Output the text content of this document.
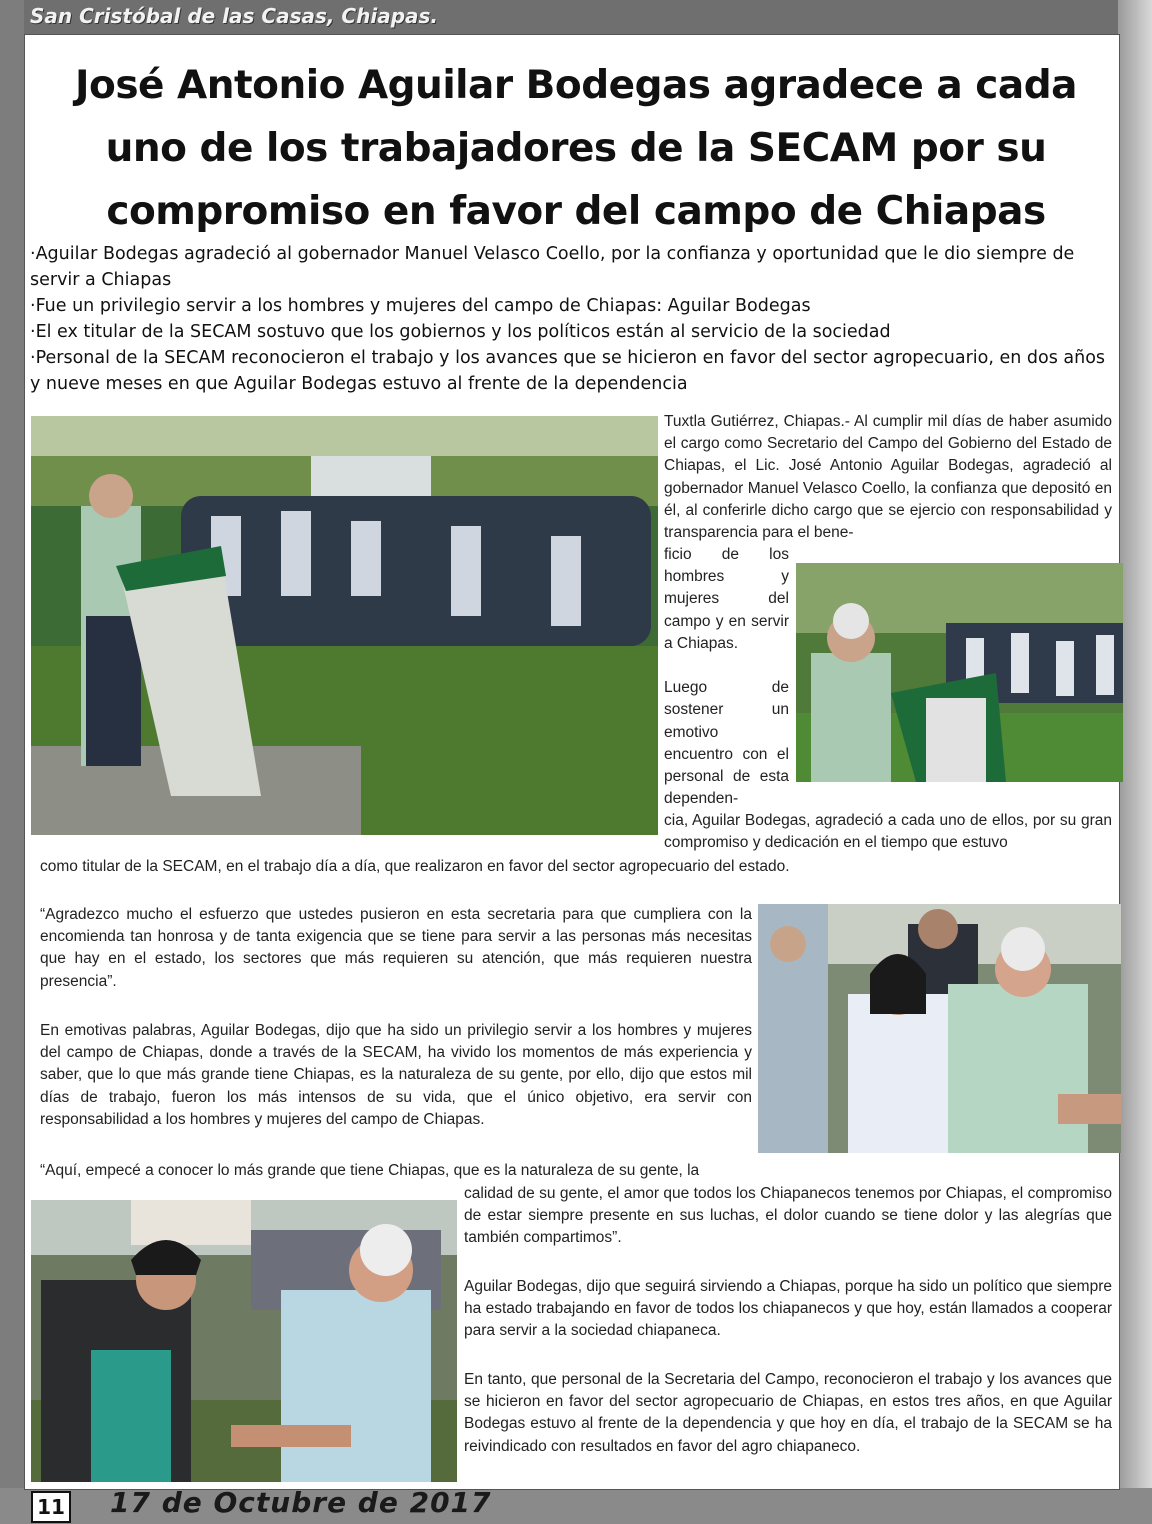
San Cristóbal de las Casas, Chiapas.
José Antonio Aguilar Bodegas agradece a cada uno de los trabajadores de la SECAM por su compromiso en favor del campo de Chiapas
·Aguilar Bodegas agradeció al gobernador Manuel Velasco Coello, por la confianza y oportunidad que le dio siempre de servir a Chiapas
·Fue un privilegio servir a los hombres y mujeres del campo de Chiapas: Aguilar Bodegas
·El ex titular de la SECAM sostuvo que los gobiernos y los políticos están al servicio de la sociedad
·Personal de la SECAM reconocieron el trabajo y los avances que se hicieron en favor del sector agropecuario, en dos años y nueve meses en que Aguilar Bodegas estuvo al frente de la dependencia
Tuxtla Gutiérrez, Chiapas.- Al cumplir mil días de haber asumido el cargo como Secretario del Campo del Gobierno del Estado de Chiapas, el Lic. José Antonio Aguilar Bodegas, agradeció al gobernador Manuel Velasco Coello, la confianza que depositó en él, al conferirle dicho cargo que se ejercio con responsabilidad y transparencia para el bene-
ficio de los hombres y mujeres del campo y en servir a Chiapas.

Luego de sostener un emotivo encuentro con el personal de esta dependen-
cia, Aguilar Bodegas, agradeció a cada uno de ellos, por su gran compromiso y dedicación en el tiempo que estuvo
como titular de la SECAM, en el trabajo día a día, que realizaron en favor del sector agropecuario del estado.
“Agradezco mucho el esfuerzo que ustedes pusieron en esta secretaria para que cumpliera con la encomienda tan honrosa y de tanta exigencia que se tiene para servir a las personas más necesitas que hay en el estado, los sectores que más requieren su atención, que más requieren nuestra presencia”.
En emotivas palabras, Aguilar Bodegas, dijo que ha sido un privilegio servir a los hombres y mujeres del campo de Chiapas, donde a través de la SECAM, ha vivido los momentos de más experiencia y saber, que lo que más grande tiene Chiapas, es la naturaleza de su gente, por ello, dijo que estos mil días de trabajo, fueron los más intensos de su vida, que el único objetivo, era servir con responsabilidad a los hombres y mujeres del campo de Chiapas.
“Aquí, empecé a conocer lo más grande que tiene Chiapas, que es la naturaleza de su gente, la
calidad de su gente, el amor que todos los Chiapanecos tenemos por Chiapas, el compromiso de estar siempre presente en sus luchas, el dolor cuando se tiene dolor y las alegrías que también compartimos”.
Aguilar Bodegas, dijo que seguirá sirviendo a Chiapas, porque ha sido un político que siempre ha estado trabajando en favor de todos los chiapanecos y que hoy, están llamados a cooperar para servir a la sociedad chiapaneca.
En tanto, que personal de la Secretaria del Campo, reconocieron el trabajo y los avances que se hicieron en favor del sector agropecuario de Chiapas, en estos tres años, en que Aguilar Bodegas estuvo al frente de la dependencia y que hoy en día, el trabajo de la SECAM se ha reivindicado con resultados en favor del agro chiapaneco.
11 17 de Octubre de 2017
